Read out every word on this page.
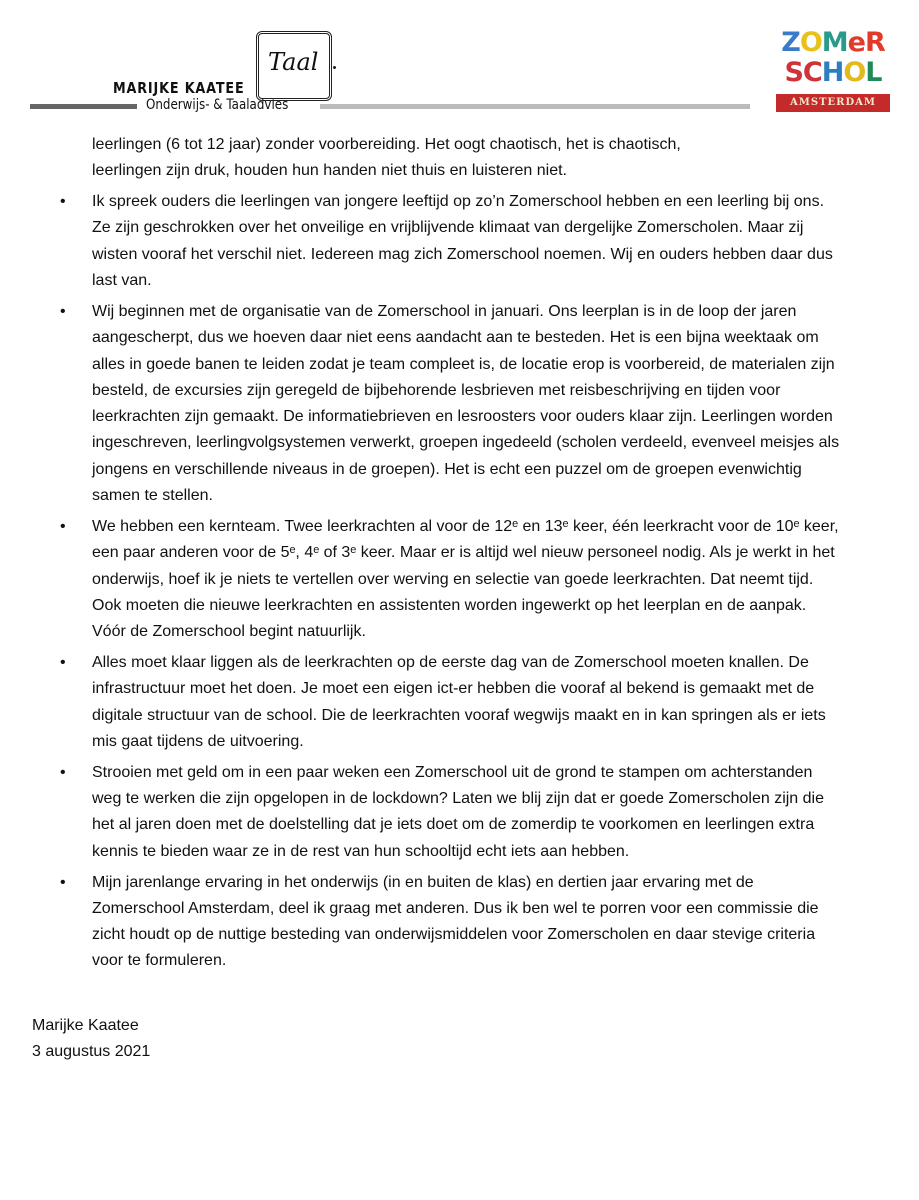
MARIJKE KAATEE
Onderwijs- & Taaladvies
Taal
ZOMeR
SCHOL
AMSTERDAM
leerlingen (6 tot 12 jaar) zonder voorbereiding. Het oogt chaotisch, het is chaotisch,
leerlingen zijn druk, houden hun handen niet thuis en luisteren niet.
• Ik spreek ouders die leerlingen van jongere leeftijd op zo’n Zomerschool hebben en een leerling bij ons.
Ze zijn geschrokken over het onveilige en vrijblijvende klimaat van dergelijke Zomerscholen. Maar zij
wisten vooraf het verschil niet. Iedereen mag zich Zomerschool noemen. Wij en ouders hebben daar dus
last van.
• Wij beginnen met de organisatie van de Zomerschool in januari. Ons leerplan is in de loop der jaren
aangescherpt, dus we hoeven daar niet eens aandacht aan te besteden. Het is een bijna weektaak om
alles in goede banen te leiden zodat je team compleet is, de locatie erop is voorbereid, de materialen zijn
besteld, de excursies zijn geregeld de bijbehorende lesbrieven met reisbeschrijving en tijden voor
leerkrachten zijn gemaakt. De informatiebrieven en lesroosters voor ouders klaar zijn. Leerlingen worden
ingeschreven, leerlingvolgsystemen verwerkt, groepen ingedeeld (scholen verdeeld, evenveel meisjes als
jongens en verschillende niveaus in de groepen). Het is echt een puzzel om de groepen evenwichtig
samen te stellen.
• We hebben een kernteam. Twee leerkrachten al voor de 12ᵉ en 13ᵉ keer, één leerkracht voor de 10ᵉ keer,
een paar anderen voor de 5ᵉ, 4ᵉ of 3ᵉ keer. Maar er is altijd wel nieuw personeel nodig. Als je werkt in het
onderwijs, hoef ik je niets te vertellen over werving en selectie van goede leerkrachten. Dat neemt tijd.
Ook moeten die nieuwe leerkrachten en assistenten worden ingewerkt op het leerplan en de aanpak.
Vóór de Zomerschool begint natuurlijk.
• Alles moet klaar liggen als de leerkrachten op de eerste dag van de Zomerschool moeten knallen. De
infrastructuur moet het doen. Je moet een eigen ict-er hebben die vooraf al bekend is gemaakt met de
digitale structuur van de school. Die de leerkrachten vooraf wegwijs maakt en in kan springen als er iets
mis gaat tijdens de uitvoering.
• Strooien met geld om in een paar weken een Zomerschool uit de grond te stampen om achterstanden
weg te werken die zijn opgelopen in de lockdown? Laten we blij zijn dat er goede Zomerscholen zijn die
het al jaren doen met de doelstelling dat je iets doet om de zomerdip te voorkomen en leerlingen extra
kennis te bieden waar ze in de rest van hun schooltijd echt iets aan hebben.
• Mijn jarenlange ervaring in het onderwijs (in en buiten de klas) en dertien jaar ervaring met de
Zomerschool Amsterdam, deel ik graag met anderen. Dus ik ben wel te porren voor een commissie die
zicht houdt op de nuttige besteding van onderwijsmiddelen voor Zomerscholen en daar stevige criteria
voor te formuleren.
Marijke Kaatee
3 augustus 2021
